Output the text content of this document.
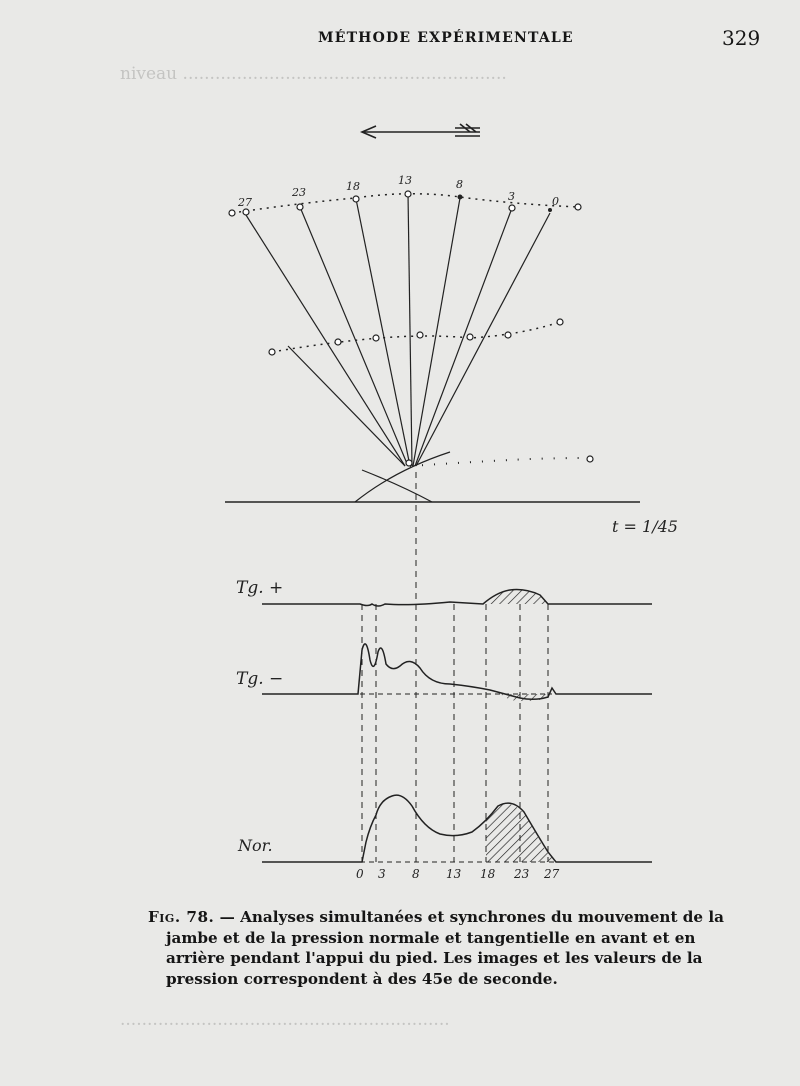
niveau ............................................................
.............................................................
MÉTHODE EXPÉRIMENTALE	329
27
23	18	13	8
3	0
t = 1/45
Tg. +
Tg. −
Nor.
0 3 8 13 18 23 27
Fig. 78. — Analyses simultanées et synchrones du mouvement de la
jambe et de la pression normale et tangentielle en avant et en
arrière pendant l'appui du pied. Les images et les valeurs de la
pression correspondent à des 45e de seconde.
